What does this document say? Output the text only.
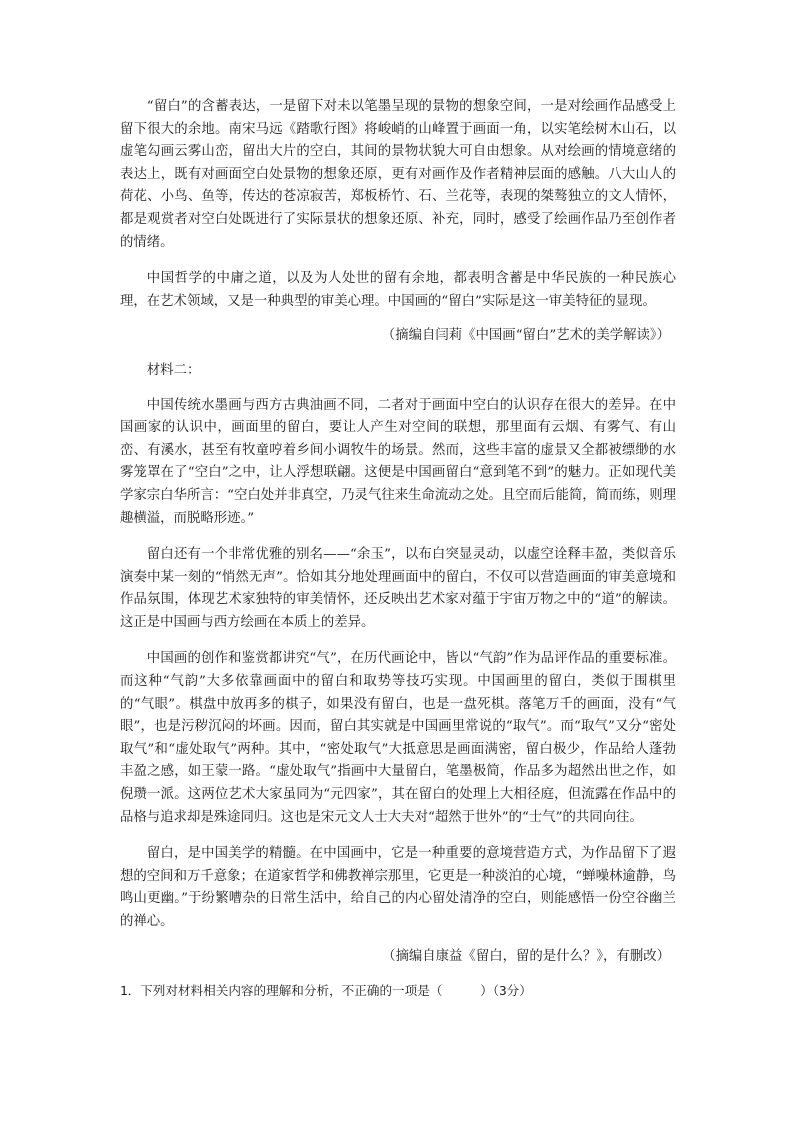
“留白”的含蓄表达，一是留下对未以笔墨呈现的景物的想象空间，一是对绘画作品感受上留下很大的余地。南宋马远《踏歌行图》将峻峭的山峰置于画面一角，以实笔绘树木山石，以虚笔勾画云雾山峦，留出大片的空白，其间的景物状貌大可自由想象。从对绘画的情境意绪的表达上，既有对画面空白处景物的想象还原，更有对画作及作者精神层面的感触。八大山人的荷花、小鸟、鱼等，传达的苍凉寂苦，郑板桥竹、石、兰花等，表现的桀骜独立的文人情怀，都是观赏者对空白处既进行了实际景状的想象还原、补充，同时，感受了绘画作品乃至创作者的情绪。

中国哲学的中庸之道，以及为人处世的留有余地，都表明含蓄是中华民族的一种民族心理，在艺术领域，又是一种典型的审美心理。中国画的“留白”实际是这一审美特征的显现。

（摘编自闫莉《中国画“留白”艺术的美学解读》）

材料二：

中国传统水墨画与西方古典油画不同，二者对于画面中空白的认识存在很大的差异。在中国画家的认识中，画面里的留白，要让人产生对空间的联想，那里面有云烟、有雾气、有山峦、有溪水，甚至有牧童哼着乡间小调牧牛的场景。然而，这些丰富的虚景又全都被缥缈的水雾笼罩在了“空白”之中，让人浮想联翩。这便是中国画留白“意到笔不到”的魅力。正如现代美学家宗白华所言：“空白处并非真空，乃灵气往来生命流动之处。且空而后能简，简而练，则理趣横溢，而脱略形迹。”

留白还有一个非常优雅的别名——“余玉”，以布白突显灵动，以虚空诠释丰盈，类似音乐演奏中某一刻的“悄然无声”。恰如其分地处理画面中的留白，不仅可以营造画面的审美意境和作品氛围，体现艺术家独特的审美情怀，还反映出艺术家对蕴于宇宙万物之中的“道”的解读。这正是中国画与西方绘画在本质上的差异。

中国画的创作和鉴赏都讲究“气”，在历代画论中，皆以“气韵”作为品评作品的重要标准。而这种“气韵”大多依靠画面中的留白和取势等技巧实现。中国画里的留白，类似于围棋里的“气眼”。棋盘中放再多的棋子，如果没有留白，也是一盘死棋。落笔万千的画面，没有“气眼”，也是污秽沉闷的坏画。因而，留白其实就是中国画里常说的“取气”。而“取气”又分“密处取气”和“虚处取气”两种。其中，“密处取气”大抵意思是画面满密，留白极少，作品给人蓬勃丰盈之感，如王蒙一路。“虚处取气”指画中大量留白，笔墨极简，作品多为超然出世之作，如倪瓒一派。这两位艺术大家虽同为“元四家”，其在留白的处理上大相径庭，但流露在作品中的品格与追求却是殊途同归。这也是宋元文人士大夫对“超然于世外”的“士气”的共同向往。

留白，是中国美学的精髓。在中国画中，它是一种重要的意境营造方式，为作品留下了遐想的空间和万千意象；在道家哲学和佛教禅宗那里，它更是一种淡泊的心境，“蝉噪林逾静，鸟鸣山更幽。”于纷繁嘈杂的日常生活中，给自己的内心留处清净的空白，则能感悟一份空谷幽兰的禅心。

（摘编自康益《留白，留的是什么？》，有删改）

1．下列对材料相关内容的理解和分析，不正确的一项是（　　　）（3分）
